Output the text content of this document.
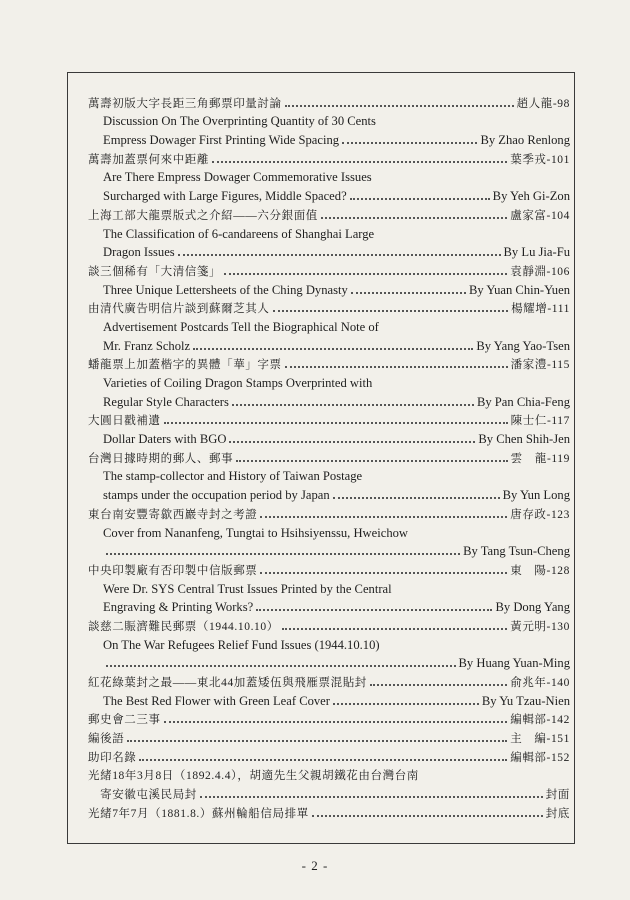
萬壽初版大字長距三角郵票印量討論	趙人龍-98
Discussion On The Overprinting Quantity of 30 Cents
Empress Dowager First Printing Wide Spacing	By Zhao Renlong
萬壽加蓋票何來中距離	葉季戎-101
Are There Empress Dowager Commemorative Issues
Surcharged with Large Figures, Middle Spaced?	By Yeh Gi-Zon
上海工部大龍票版式之介紹——六分銀面值	盧家富-104
The Classification of 6-candareens of Shanghai Large
Dragon Issues	By Lu Jia-Fu
談三個稀有「大清信箋」	袁靜淵-106
Three Unique Lettersheets of the Ching Dynasty	By Yuan Chin-Yuen
由清代廣告明信片談到蘇爾芝其人	楊耀增-111
Advertisement Postcards Tell the Biographical Note of
Mr. Franz Scholz	By Yang Yao-Tsen
蟠龍票上加蓋楷字的異體「華」字票	潘家澧-115
Varieties of Coiling Dragon Stamps Overprinted with
Regular Style Characters	By Pan Chia-Feng
大圓日戳補遺	陳士仁-117
Dollar Daters with BGO	By Chen Shih-Jen
台灣日據時期的郵人、郵事	雲　龍-119
The stamp-collector and History of Taiwan Postage
stamps under the occupation period by Japan	By Yun Long
東台南安豐寄歙西巖寺封之考證	唐存政-123
Cover from Nananfeng, Tungtai to Hsihsiyenssu, Hweichow
By Tang Tsun-Cheng
中央印製廠有否印製中信版郵票	東　陽-128
Were Dr. SYS Central Trust Issues Printed by the Central
Engraving & Printing Works?	By Dong Yang
談慈二賑濟難民郵票（1944.10.10）	黃元明-130
On The War Refugees Relief Fund Issues (1944.10.10)
By Huang Yuan-Ming
紅花綠葉封之最——東北44加蓋矮伍與飛雁票混貼封	俞兆年-140
The Best Red Flower with Green Leaf Cover	By Yu Tzau-Nien
郵史會二三事	編輯部-142
編後語	主　編-151
助印名錄	編輯部-152
光緒18年3月8日（1892.4.4），胡適先生父親胡鐵花由台灣台南
　寄安徽屯溪民局封	封面
光緒7年7月（1881.8.）蘇州輪船信局排單	封底
- 2 -
